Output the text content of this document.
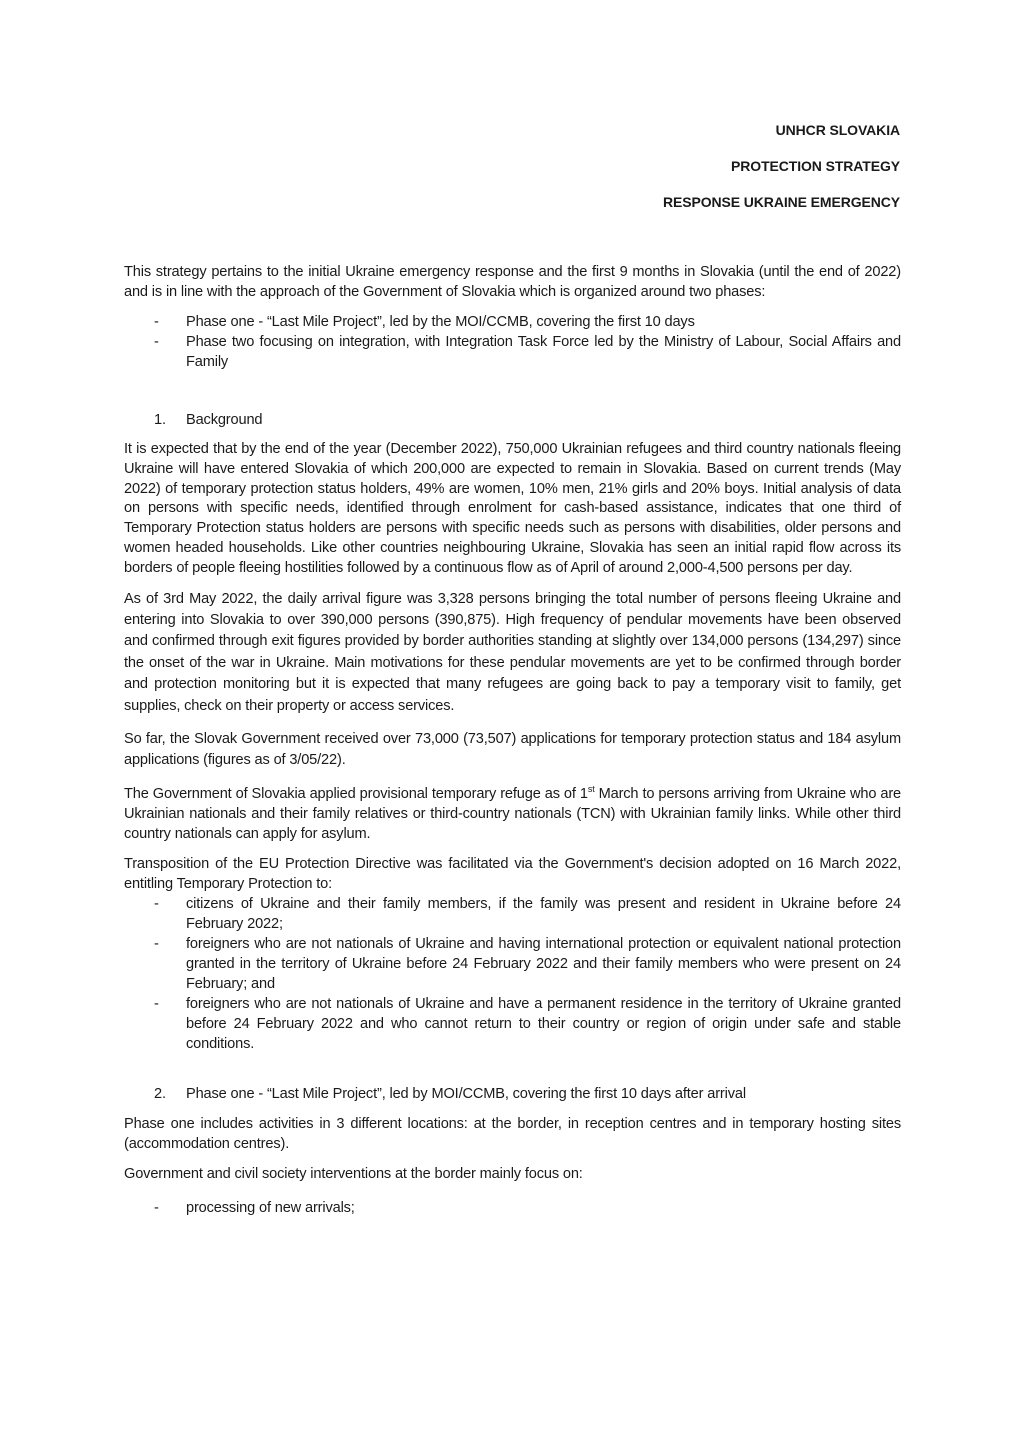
UNHCR SLOVAKIA
PROTECTION STRATEGY
RESPONSE UKRAINE EMERGENCY

This strategy pertains to the initial Ukraine emergency response and the first 9 months in Slovakia (until the end of 2022) and is in line with the approach of the Government of Slovakia which is organized around two phases:

- Phase one - “Last Mile Project”, led by the MOI/CCMB, covering the first 10 days
- Phase two focusing on integration, with Integration Task Force led by the Ministry of Labour, Social Affairs and Family
1. Background

It is expected that by the end of the year (December 2022), 750,000 Ukrainian refugees and third country nationals fleeing Ukraine will have entered Slovakia of which 200,000 are expected to remain in Slovakia. Based on current trends (May 2022) of temporary protection status holders, 49% are women, 10% men, 21% girls and 20% boys. Initial analysis of data on persons with specific needs, identified through enrolment for cash-based assistance, indicates that one third of Temporary Protection status holders are persons with specific needs such as persons with disabilities, older persons and women headed households. Like other countries neighbouring Ukraine, Slovakia has seen an initial rapid flow across its borders of people fleeing hostilities followed by a continuous flow as of April of around 2,000-4,500 persons per day.

As of 3rd May 2022, the daily arrival figure was 3,328 persons bringing the total number of persons fleeing Ukraine and entering into Slovakia to over 390,000 persons (390,875). High frequency of pendular movements have been observed and confirmed through exit figures provided by border authorities standing at slightly over 134,000 persons (134,297) since the onset of the war in Ukraine. Main motivations for these pendular movements are yet to be confirmed through border and protection monitoring but it is expected that many refugees are going back to pay a temporary visit to family, get supplies, check on their property or access services.

So far, the Slovak Government received over 73,000 (73,507) applications for temporary protection status and 184 asylum applications (figures as of 3/05/22).

The Government of Slovakia applied provisional temporary refuge as of 1st March to persons arriving from Ukraine who are Ukrainian nationals and their family relatives or third-country nationals (TCN) with Ukrainian family links. While other third country nationals can apply for asylum.

Transposition of the EU Protection Directive was facilitated via the Government's decision adopted on 16 March 2022, entitling Temporary Protection to:

- citizens of Ukraine and their family members, if the family was present and resident in Ukraine before 24 February 2022;
- foreigners who are not nationals of Ukraine and having international protection or equivalent national protection granted in the territory of Ukraine before 24 February 2022 and their family members who were present on 24 February; and
- foreigners who are not nationals of Ukraine and have a permanent residence in the territory of Ukraine granted before 24 February 2022 and who cannot return to their country or region of origin under safe and stable conditions.
2. Phase one - “Last Mile Project”, led by MOI/CCMB, covering the first 10 days after arrival

Phase one includes activities in 3 different locations: at the border, in reception centres and in temporary hosting sites (accommodation centres).

Government and civil society interventions at the border mainly focus on:

- processing of new arrivals;
